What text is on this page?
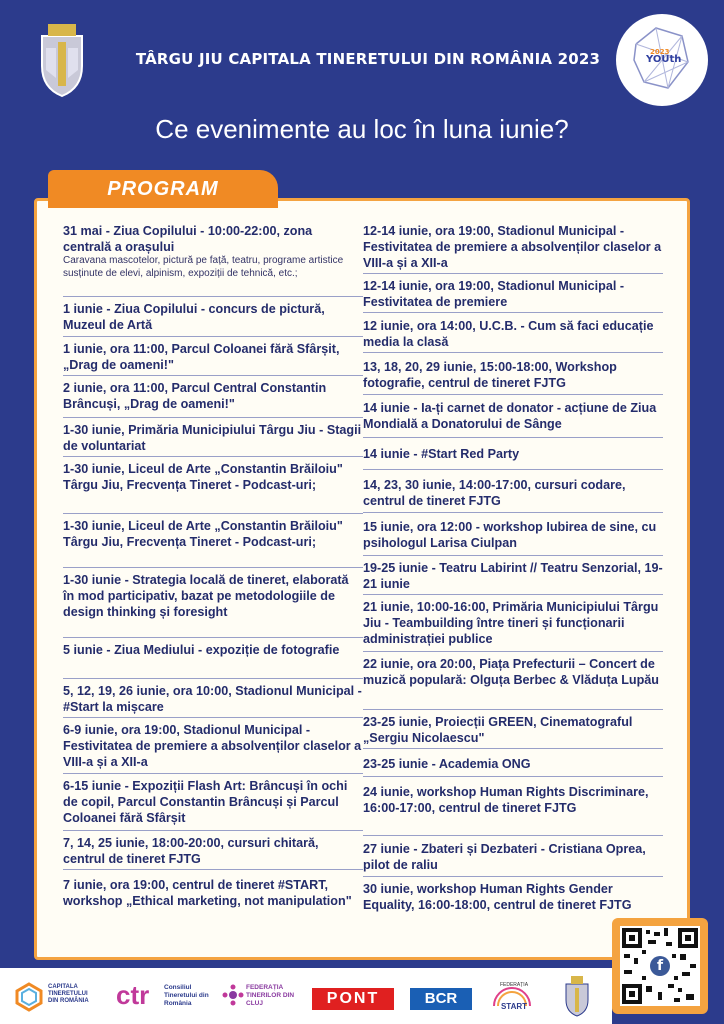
TÂRGU JIU CAPITALA TINERETULUI DIN ROMÂNIA 2023	2023
YOUth
Ce evenimente au loc în luna iunie?
31 mai - Ziua Copilului - 10:00-22:00, zona centrală a orașului
Caravana mascotelor, pictură pe față, teatru, programe artistice susținute de elevi, alpinism, expoziții de tehnică, etc.;
1 iunie - Ziua Copilului - concurs de pictură, Muzeul de Artă
1 iunie, ora 11:00, Parcul Coloanei fără Sfârșit, „Drag de oameni!"
2 iunie, ora 11:00, Parcul Central Constantin Brâncuși, „Drag de oameni!"
1-30 iunie, Primăria Municipiului Târgu Jiu - Stagii de voluntariat
1-30 iunie, Liceul de Arte „Constantin Brăiloiu" Târgu Jiu, Frecvența Tineret - Podcast-uri;
1-30 iunie, Liceul de Arte „Constantin Brăiloiu" Târgu Jiu, Frecvența Tineret - Podcast-uri;
1-30 iunie - Strategia locală de tineret, elaborată în mod participativ, bazat pe metodologiile de design thinking și foresight
5 iunie - Ziua Mediului - expoziție de fotografie
5, 12, 19, 26 iunie, ora 10:00, Stadionul Municipal - #Start la mișcare
6-9 iunie, ora 19:00, Stadionul Municipal - Festivitatea de premiere a absolvenților claselor a VIII-a și a XII-a
6-15 iunie - Expoziții Flash Art: Brâncuși în ochi de copil, Parcul Constantin Brâncuși și Parcul Coloanei fără Sfârșit
7, 14, 25 iunie, 18:00-20:00, cursuri chitară, centrul de tineret FJTG
7 iunie, ora 19:00, centrul de tineret #START, workshop „Ethical marketing, not manipulation"
12-14 iunie, ora 19:00, Stadionul Municipal - Festivitatea de premiere a absolvenților claselor a VIII-a și a XII-a
12-14 iunie, ora 19:00, Stadionul Municipal - Festivitatea de premiere
12 iunie, ora 14:00, U.C.B. - Cum să faci educație media la clasă
13, 18, 20, 29 iunie, 15:00-18:00, Workshop fotografie, centrul de tineret FJTG
14 iunie - Ia-ți carnet de donator - acțiune de Ziua Mondială a Donatorului de Sânge
14 iunie - #Start Red Party
14, 23, 30 iunie, 14:00-17:00, cursuri codare, centrul de tineret FJTG
15 iunie, ora 12:00 - workshop Iubirea de sine, cu psihologul Larisa Ciulpan
19-25 iunie - Teatru Labirint // Teatru Senzorial, 19-21 iunie
21 iunie, 10:00-16:00, Primăria Municipiului Târgu Jiu - Teambuilding între tineri și funcționarii administrației publice
22 iunie, ora 20:00, Piața Prefecturii – Concert de muzică populară: Olguța Berbec & Vlăduța Lupău
23-25 iunie, Proiecții GREEN, Cinematograful „Sergiu Nicolaescu"
23-25 iunie - Academia ONG
24 iunie, workshop Human Rights Discriminare, 16:00-17:00, centrul de tineret FJTG
27 iunie - Zbateri și Dezbateri - Cristiana Oprea, pilot de raliu
30 iunie, workshop Human Rights Gender Equality, 16:00-18:00, centrul de tineret FJTG
PROGRAM
f
CAPITALA TINERETULUI DIN ROMÂNIA	ctr Consiliul Tineretului din România
FEDERAȚIA TINERILOR DIN CLUJ	PONT	BCR
FEDERAȚIA
START
